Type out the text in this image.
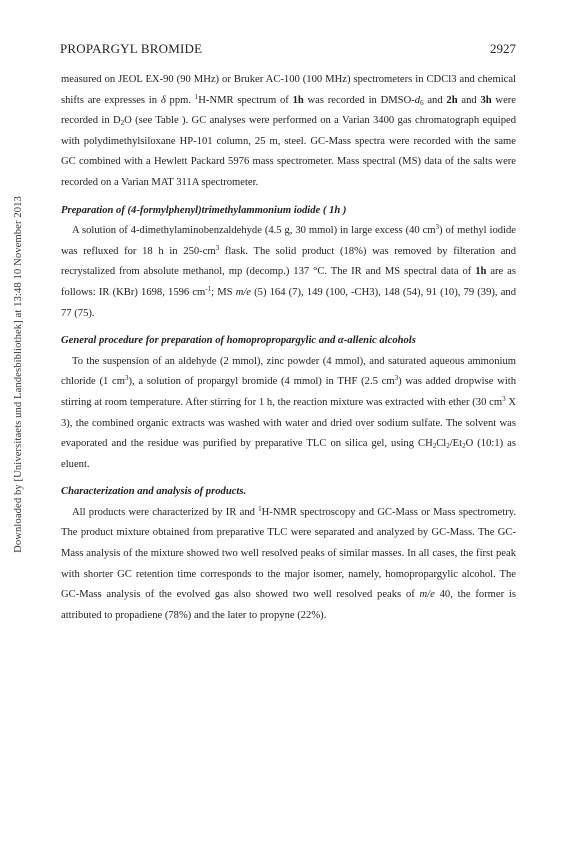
Downloaded by [Universitaets und Landesbibliothek] at 13:48 10 November 2013
PROPARGYL BROMIDE	2927

measured on JEOL EX-90 (90 MHz) or Bruker AC-100 (100 MHz) spectrometers in CDCl3 and chemical shifts are expresses in δ ppm. $^1$H-NMR spectrum of 1h was recorded in DMSO-$d_6$ and 2h and 3h were recorded in $D_2O$ (see Table ). GC analyses were performed on a Varian 3400 gas chromatograph equiped with polydimethylsiloxane HP-101 column, 25 m, steel. GC-Mass spectra were recorded with the same GC combined with a Hewlett Packard 5976 mass spectrometer. Mass spectral (MS) data of the salts were recorded on a Varian MAT 311A spectrometer.

Preparation of (4-formylphenyl)trimethylammonium iodide ( 1h )

A solution of 4-dimethylaminobenzaldehyde (4.5 g, 30 mmol) in large excess (40 $cm^3$) of methyl iodide was refluxed for 18 h in $250-cm^3$ flask. The solid product (18%) was removed by filteration and recrystalized from absolute methanol, mp (decomp.) 137 °C. The IR and MS spectral data of 1h are as follows: IR (KBr) 1698, 1596 $cm^{-1}$; MS m/e (5) 164 (7), 149 (100, -CH3), 148 (54), 91 (10), 79 (39), and 77 (75).

General procedure for preparation of homopropropargylic and α-allenic alcohols

To the suspension of an aldehyde (2 mmol), zinc powder (4 mmol), and saturated aqueous ammonium chloride (1 $cm^3$), a solution of propargyl bromide (4 mmol) in THF (2.5 $cm^3$) was added dropwise with stirring at room temperature. After stirring for 1 h, the reaction mixture was extracted with ether (30 $cm^3$ X 3), the combined organic extracts was washed with water and dried over sodium sulfate. The solvent was evaporated and the residue was purified by preparative TLC on silica gel, using $CH_2Cl_2/Et_2O$ (10:1) as eluent.

Characterization and analysis of products.

All products were characterized by IR and $^1$H-NMR spectroscopy and GC-Mass or Mass spectrometry. The product mixture obtained from preparative TLC were separated and analyzed by GC-Mass. The GC-Mass analysis of the mixture showed two well resolved peaks of similar masses. In all cases, the first peak with shorter GC retention time corresponds to the major isomer, namely, homopropargylic alcohol. The GC-Mass analysis of the evolved gas also showed two well resolved peaks of m/e 40, the former is attributed to propadiene (78%) and the later to propyne (22%).
